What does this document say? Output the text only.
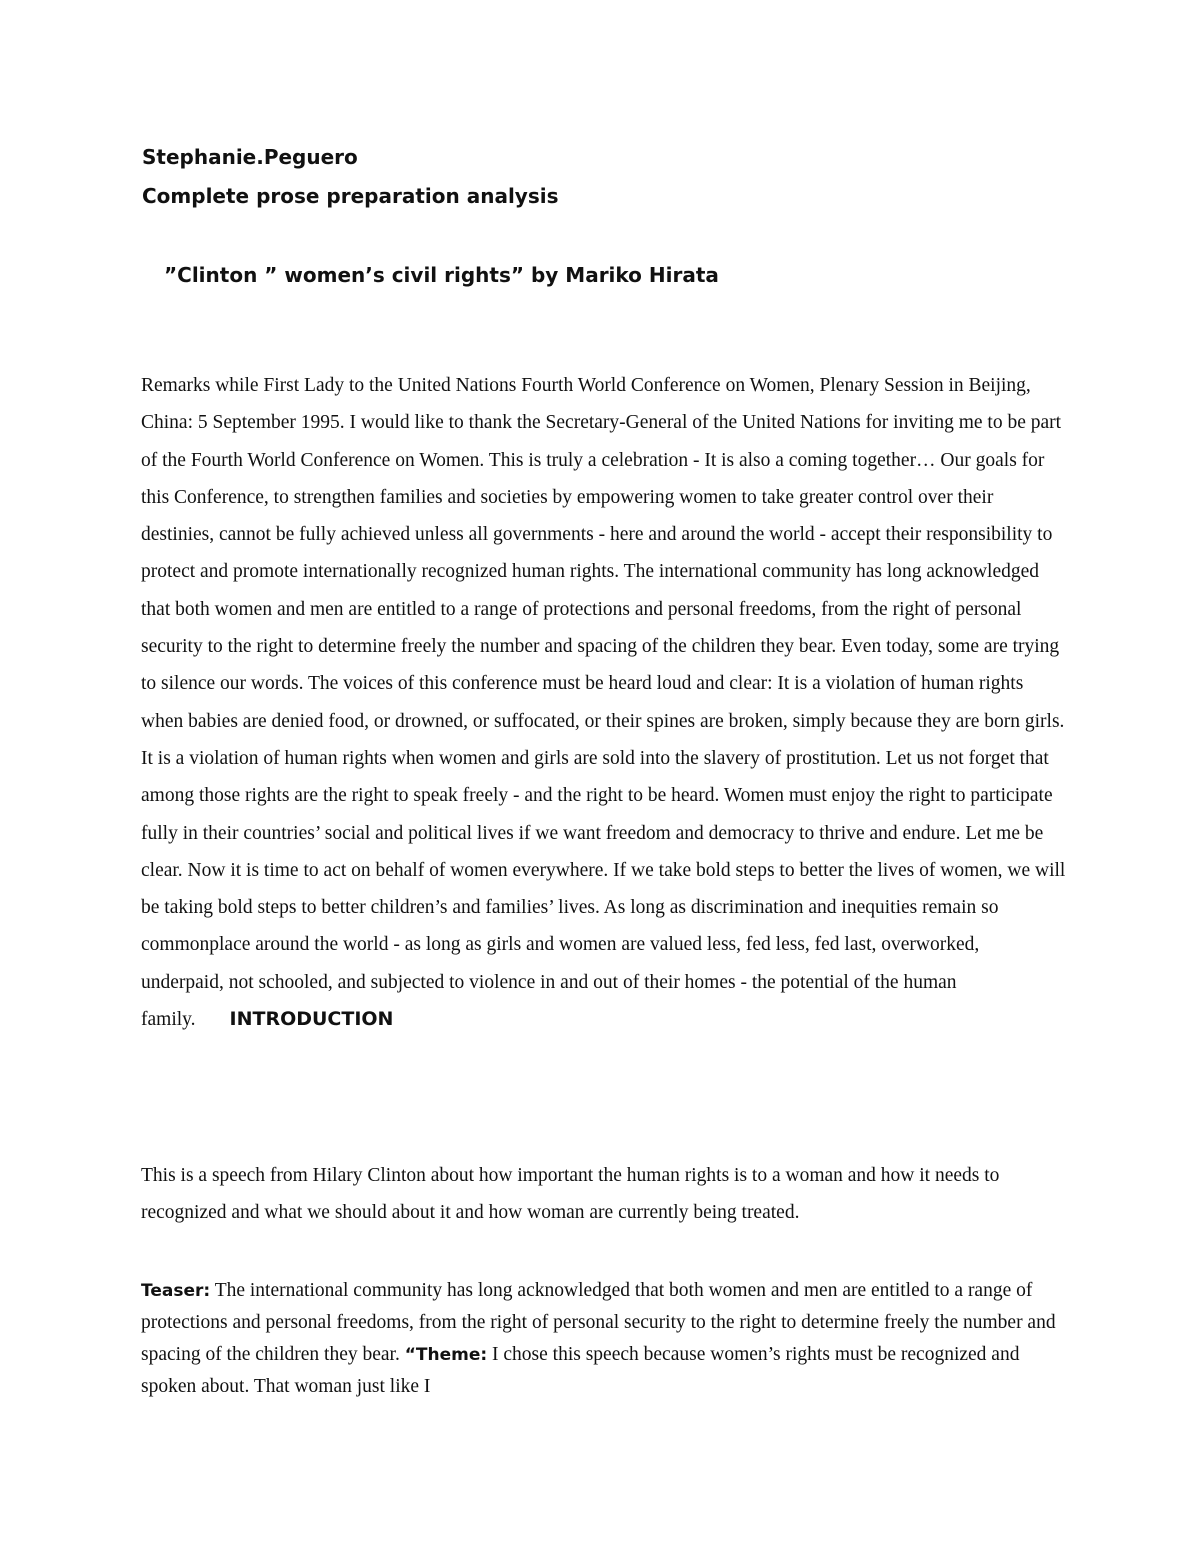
Stephanie.Peguero
Complete prose preparation analysis
”Clinton ” women’s civil rights” by Mariko Hirata

Remarks while First Lady to the United Nations Fourth World Conference on Women, Plenary Session in Beijing, China: 5 September 1995. I would like to thank the Secretary-General of the United Nations for inviting me to be part of the Fourth World Conference on Women. This is truly a celebration - It is also a coming together… Our goals for this Conference, to strengthen families and societies by empowering women to take greater control over their destinies, cannot be fully achieved unless all governments - here and around the world - accept their responsibility to protect and promote internationally recognized human rights. The international community has long acknowledged that both women and men are entitled to a range of protections and personal freedoms, from the right of personal security to the right to determine freely the number and spacing of the children they bear. Even today, some are trying to silence our words. The voices of this conference must be heard loud and clear: It is a violation of human rights when babies are denied food, or drowned, or suffocated, or their spines are broken, simply because they are born girls. It is a violation of human rights when women and girls are sold into the slavery of prostitution. Let us not forget that among those rights are the right to speak freely - and the right to be heard. Women must enjoy the right to participate fully in their countries’ social and political lives if we want freedom and democracy to thrive and endure. Let me be clear. Now it is time to act on behalf of women everywhere. If we take bold steps to better the lives of women, we will be taking bold steps to better children’s and families’ lives. As long as discrimination and inequities remain so commonplace around the world - as long as girls and women are valued less, fed less, fed last, overworked, underpaid, not schooled, and subjected to violence in and out of their homes - the potential of the human family. INTRODUCTION

This is a speech from Hilary Clinton about how important the human rights is to a woman and how it needs to recognized and what we should about it and how woman are currently being treated.

Teaser: The international community has long acknowledged that both women and men are entitled to a range of protections and personal freedoms, from the right of personal security to the right to determine freely the number and spacing of the children they bear. “Theme: I chose this speech because women’s rights must be recognized and spoken about. That woman just like I
